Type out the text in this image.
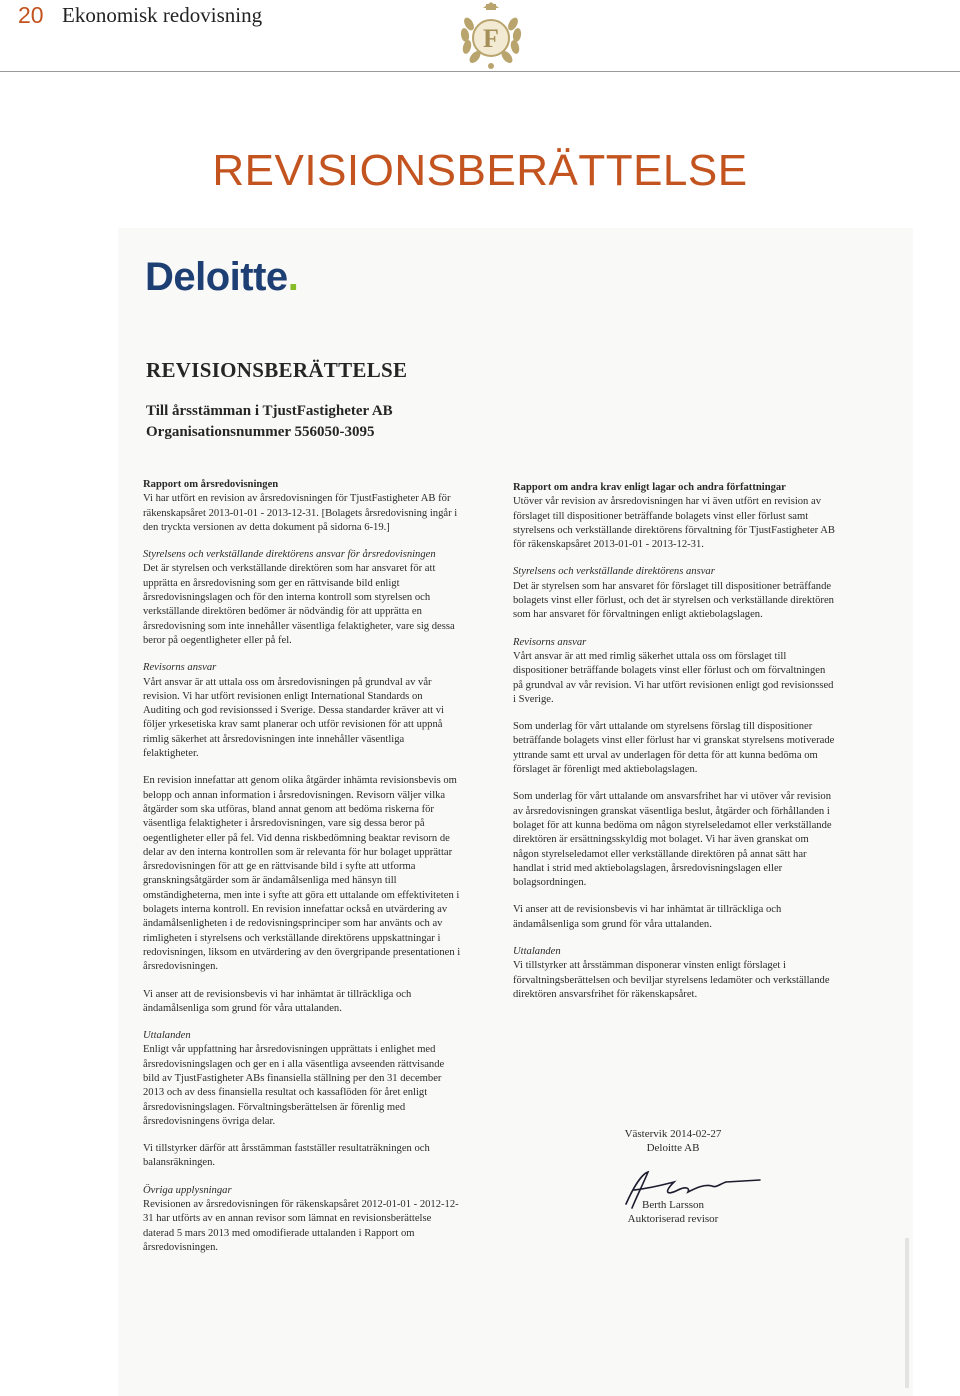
20 Ekonomisk redovisning
F
REVISIONSBERÄTTELSE
Deloitte.
REVISIONSBERÄTTELSE
Till årsstämman i TjustFastigheter AB
Organisationsnummer 556050-3095
Rapport om årsredovisningen
Vi har utfört en revision av årsredovisningen för TjustFastigheter AB för räkenskapsåret 2013-01-01 - 2013-12-31. [Bolagets årsredovisning ingår i den tryckta versionen av detta dokument på sidorna 6-19.]
Styrelsens och verkställande direktörens ansvar för årsredovisningen
Det är styrelsen och verkställande direktören som har ansvaret för att upprätta en årsredovisning som ger en rättvisande bild enligt årsredovisningslagen och för den interna kontroll som styrelsen och verkställande direktören bedömer är nödvändig för att upprätta en årsredovisning som inte innehåller väsentliga felaktigheter, vare sig dessa beror på oegentligheter eller på fel.
Revisorns ansvar
Vårt ansvar är att uttala oss om årsredovisningen på grundval av vår revision. Vi har utfört revisionen enligt International Standards on Auditing och god revisionssed i Sverige. Dessa standarder kräver att vi följer yrkesetiska krav samt planerar och utför revisionen för att uppnå rimlig säkerhet att årsredovisningen inte innehåller väsentliga felaktigheter.

En revision innefattar att genom olika åtgärder inhämta revisionsbevis om belopp och annan information i årsredovisningen. Revisorn väljer vilka åtgärder som ska utföras, bland annat genom att bedöma riskerna för väsentliga felaktigheter i årsredovisningen, vare sig dessa beror på oegentligheter eller på fel. Vid denna riskbedömning beaktar revisorn de delar av den interna kontrollen som är relevanta för hur bolaget upprättar årsredovisningen för att ge en rättvisande bild i syfte att utforma granskningsåtgärder som är ändamålsenliga med hänsyn till omständigheterna, men inte i syfte att göra ett uttalande om effektiviteten i bolagets interna kontroll. En revision innefattar också en utvärdering av ändamålsenligheten i de redovisningsprinciper som har använts och av rimligheten i styrelsens och verkställande direktörens uppskattningar i redovisningen, liksom en utvärdering av den övergripande presentationen i årsredovisningen.

Vi anser att de revisionsbevis vi har inhämtat är tillräckliga och ändamålsenliga som grund för våra uttalanden.

Uttalanden
Enligt vår uppfattning har årsredovisningen upprättats i enlighet med årsredovisningslagen och ger en i alla väsentliga avseenden rättvisande bild av TjustFastigheter ABs finansiella ställning per den 31 december 2013 och av dess finansiella resultat och kassaflöden för året enligt årsredovisningslagen. Förvaltningsberättelsen är förenlig med årsredovisningens övriga delar.

Vi tillstyrker därför att årsstämman fastställer resultaträkningen och balansräkningen.

Övriga upplysningar
Revisionen av årsredovisningen för räkenskapsåret 2012-01-01 - 2012-12-31 har utförts av en annan revisor som lämnat en revisionsberättelse daterad 5 mars 2013 med omodifierade uttalanden i Rapport om årsredovisningen.
Rapport om andra krav enligt lagar och andra författningar
Utöver vår revision av årsredovisningen har vi även utfört en revision av förslaget till dispositioner beträffande bolagets vinst eller förlust samt styrelsens och verkställande direktörens förvaltning för TjustFastigheter AB för räkenskapsåret 2013-01-01 - 2013-12-31.
Styrelsens och verkställande direktörens ansvar
Det är styrelsen som har ansvaret för förslaget till dispositioner beträffande bolagets vinst eller förlust, och det är styrelsen och verkställande direktören som har ansvaret för förvaltningen enligt aktiebolagslagen.
Revisorns ansvar
Vårt ansvar är att med rimlig säkerhet uttala oss om förslaget till dispositioner beträffande bolagets vinst eller förlust och om förvaltningen på grundval av vår revision. Vi har utfört revisionen enligt god revisionssed i Sverige.

Som underlag för vårt uttalande om styrelsens förslag till dispositioner beträffande bolagets vinst eller förlust har vi granskat styrelsens motiverade yttrande samt ett urval av underlagen för detta för att kunna bedöma om förslaget är förenligt med aktiebolagslagen.

Som underlag för vårt uttalande om ansvarsfrihet har vi utöver vår revision av årsredovisningen granskat väsentliga beslut, åtgärder och förhållanden i bolaget för att kunna bedöma om någon styrelseledamot eller verkställande direktören är ersättningsskyldig mot bolaget. Vi har även granskat om någon styrelseledamot eller verkställande direktören på annat sätt har handlat i strid med aktiebolagslagen, årsredovisningslagen eller bolagsordningen.

Vi anser att de revisionsbevis vi har inhämtat är tillräckliga och ändamålsenliga som grund för våra uttalanden.

Uttalanden
Vi tillstyrker att årsstämman disponerar vinsten enligt förslaget i förvaltningsberättelsen och beviljar styrelsens ledamöter och verkställande direktören ansvarsfrihet för räkenskapsåret.
Västervik 2014-02-27
Deloitte AB
Berth Larsson
Auktoriserad revisor
